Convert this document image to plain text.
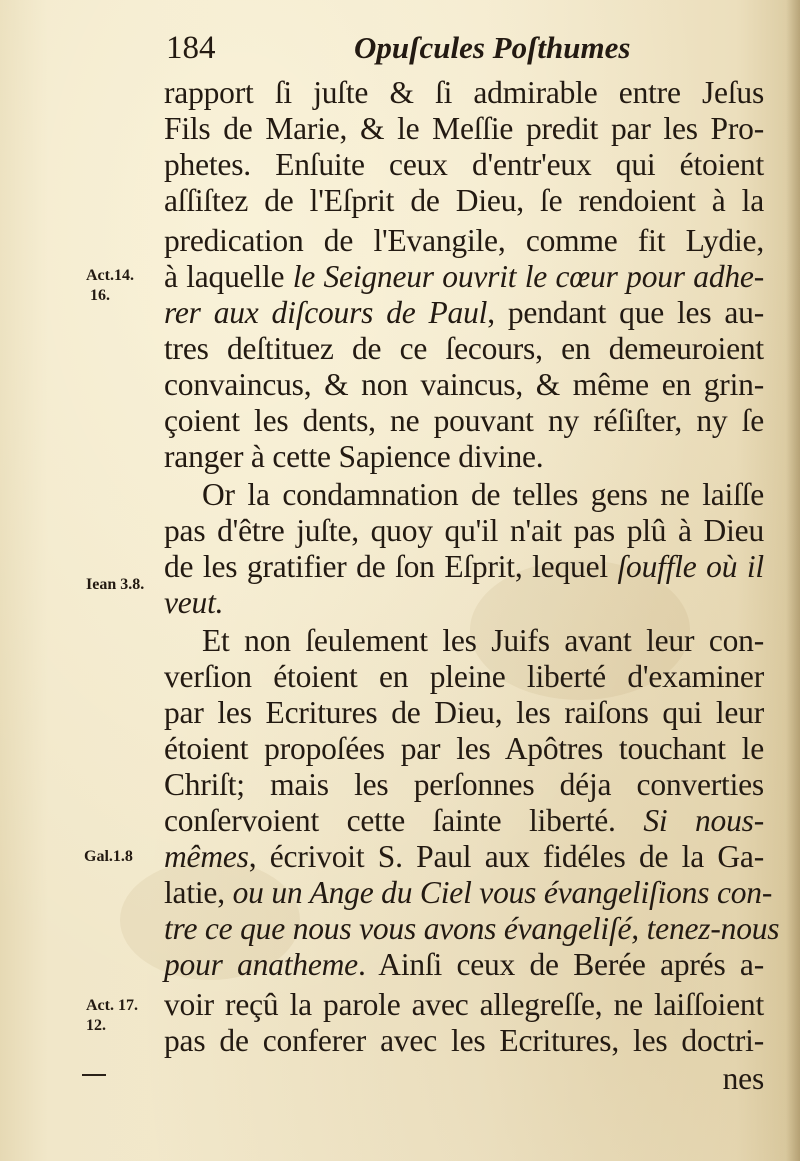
184	Opuſcules Poſthumes
Act.14.
16.
Iean 3.8.
Gal.1.8
Act. 17.
12.
rapport ſi juſte & ſi admirable entre Jeſus
Fils de Marie, & le Meſſie predit par les Pro-
phetes. Enſuite ceux d'entr'eux qui étoient
aſſiſtez de l'Eſprit de Dieu, ſe rendoient à la
predication de l'Evangile, comme fit Lydie,
à laquelle le Seigneur ouvrit le cœur pour adhe-
rer aux diſcours de Paul, pendant que les au-
tres deſtituez de ce ſecours, en demeuroient
convaincus, & non vaincus, & même en grin-
çoient les dents, ne pouvant ny réſiſter, ny ſe
ranger à cette Sapience divine.
Or la condamnation de telles gens ne laiſſe
pas d'être juſte, quoy qu'il n'ait pas plû à Dieu
de les gratifier de ſon Eſprit, lequel ſouffle où il
veut.
Et non ſeulement les Juifs avant leur con-
verſion étoient en pleine liberté d'examiner
par les Ecritures de Dieu, les raiſons qui leur
étoient propoſées par les Apôtres touchant le
Chriſt; mais les perſonnes déja converties
conſervoient cette ſainte liberté. Si nous-
mêmes, écrivoit S. Paul aux fidéles de la Ga-
latie, ou un Ange du Ciel vous évangeliſions con-
tre ce que nous vous avons évangeliſé, tenez-nous
pour anatheme. Ainſi ceux de Berée aprés a-
voir reçû la parole avec allegreſſe, ne laiſſoient
pas de conferer avec les Ecritures, les doctri-
nes
